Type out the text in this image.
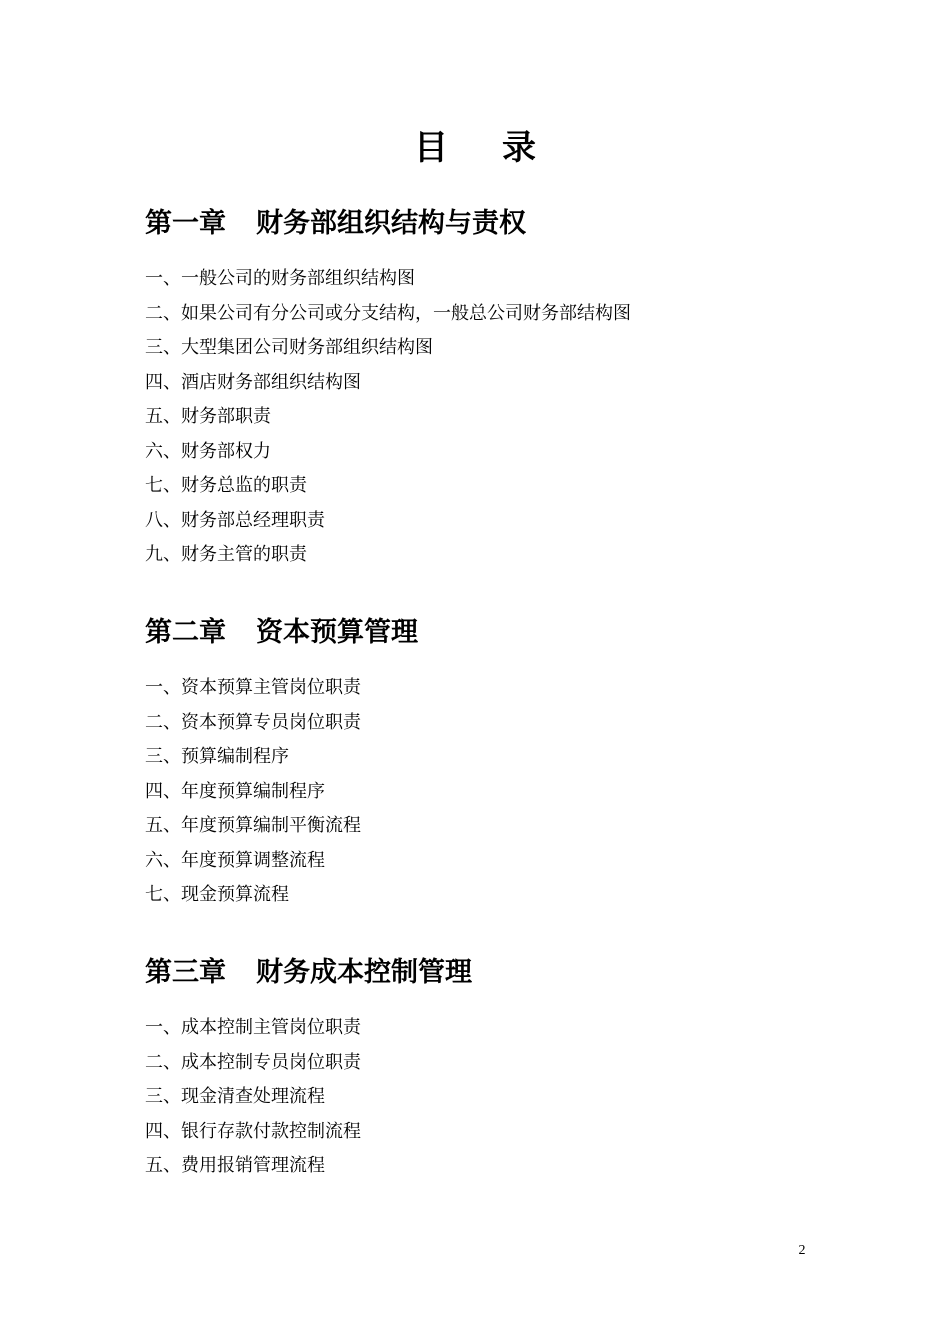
目 录
第一章 财务部组织结构与责权
一、一般公司的财务部组织结构图
二、如果公司有分公司或分支结构，一般总公司财务部结构图
三、大型集团公司财务部组织结构图
四、酒店财务部组织结构图
五、财务部职责
六、财务部权力
七、财务总监的职责
八、财务部总经理职责
九、财务主管的职责
第二章 资本预算管理
一、资本预算主管岗位职责
二、资本预算专员岗位职责
三、预算编制程序
四、年度预算编制程序
五、年度预算编制平衡流程
六、年度预算调整流程
七、现金预算流程
第三章 财务成本控制管理
一、成本控制主管岗位职责
二、成本控制专员岗位职责
三、现金清查处理流程
四、银行存款付款控制流程
五、费用报销管理流程
2
